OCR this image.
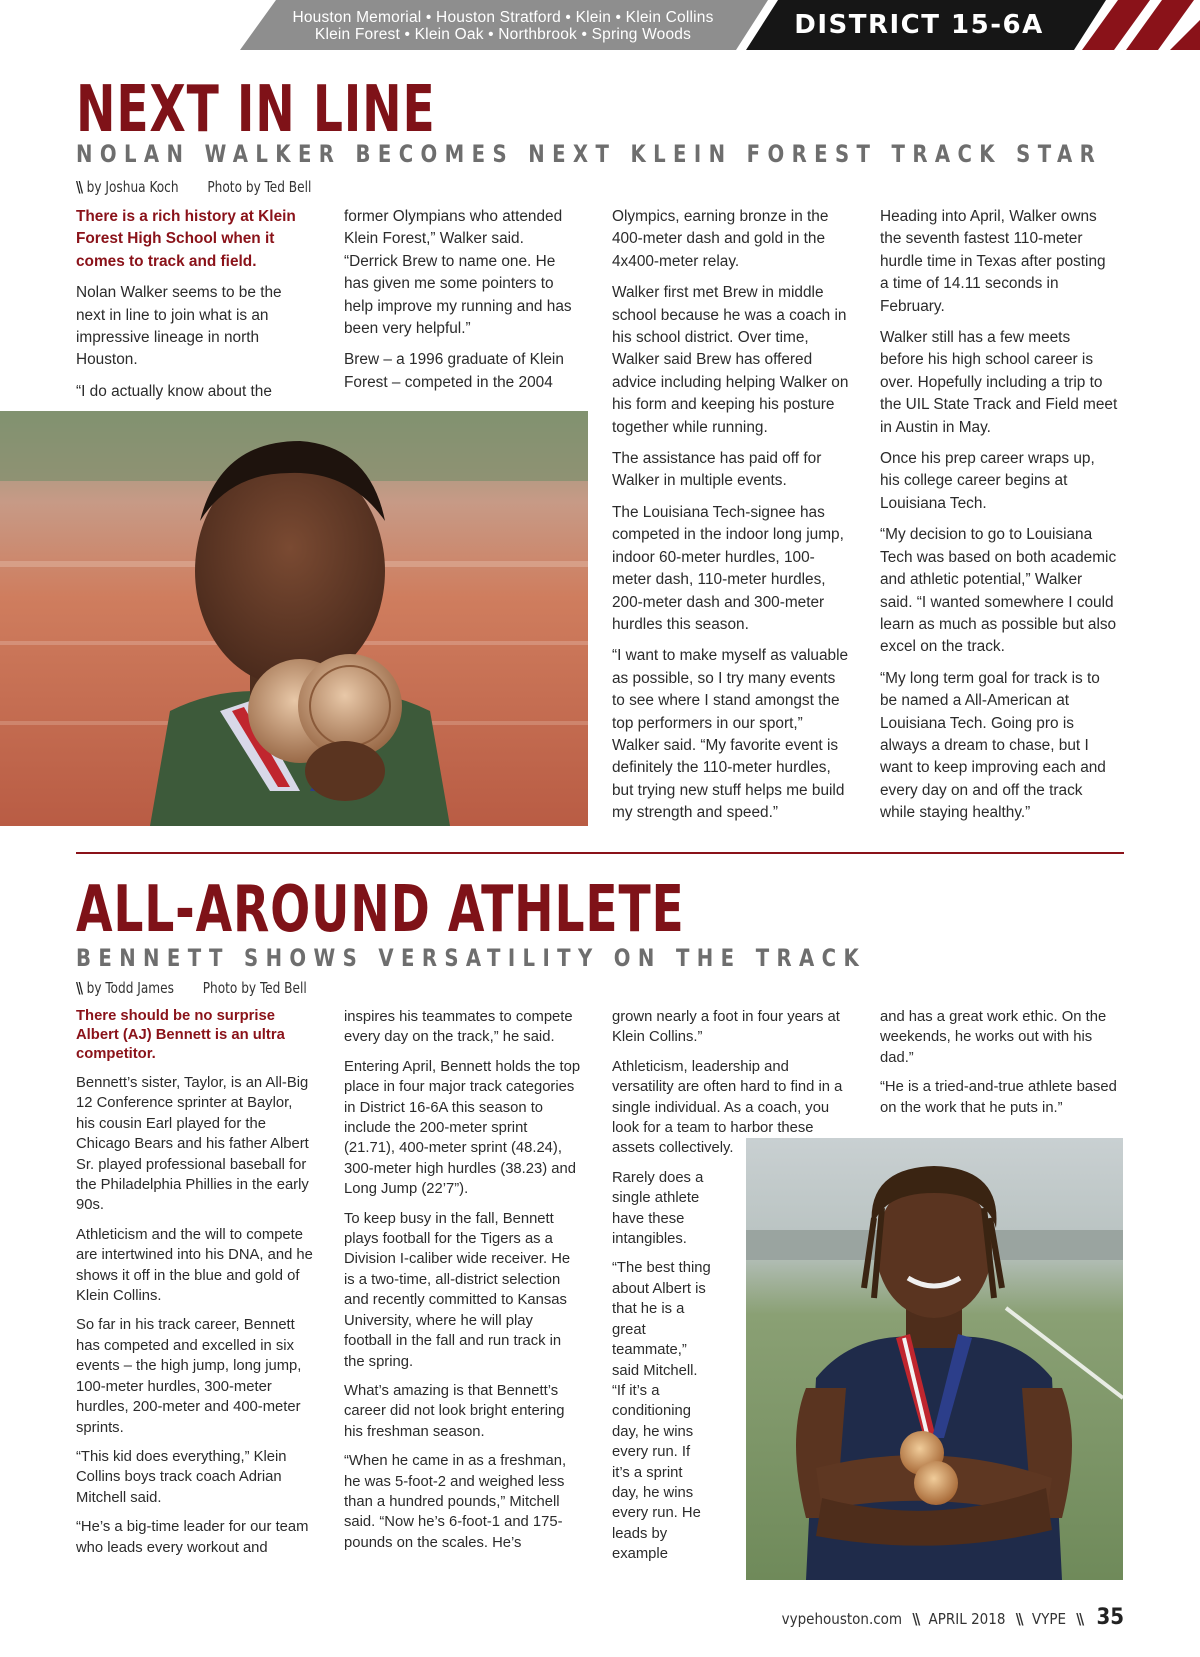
Houston Memorial • Houston Stratford • Klein • Klein Collins
Klein Forest • Klein Oak • Northbrook • Spring Woods	DISTRICT 15-6A
NEXT IN LINE
NOLAN WALKER BECOMES NEXT KLEIN FOREST TRACK STAR
\\ by Joshua Koch Photo by Ted Bell

There is a rich history at Klein Forest High School when it comes to track and field.

Nolan Walker seems to be the next in line to join what is an impressive lineage in north Houston.

“I do actually know about the

former Olympians who attended Klein Forest,” Walker said. “Derrick Brew to name one. He has given me some pointers to help improve my running and has been very helpful.”

Brew – a 1996 graduate of Klein Forest – competed in the 2004

Olympics, earning bronze in the 400-meter dash and gold in the 4x400-meter relay.

Walker first met Brew in middle school because he was a coach in his school district. Over time, Walker said Brew has offered advice including helping Walker on his form and keeping his posture together while running.

The assistance has paid off for Walker in multiple events.

The Louisiana Tech-signee has competed in the indoor long jump, indoor 60-meter hurdles, 100-meter dash, 110-meter hurdles, 200-meter dash and 300-meter hurdles this season.

“I want to make myself as valuable as possible, so I try many events to see where I stand amongst the top performers in our sport,” Walker said. “My favorite event is definitely the 110-meter hurdles, but trying new stuff helps me build my strength and speed.”

Heading into April, Walker owns the seventh fastest 110-meter hurdle time in Texas after posting a time of 14.11 seconds in February.

Walker still has a few meets before his high school career is over. Hopefully including a trip to the UIL State Track and Field meet in Austin in May.

Once his prep career wraps up, his college career begins at Louisiana Tech.

“My decision to go to Louisiana Tech was based on both academic and athletic potential,” Walker said. “I wanted somewhere I could learn as much as possible but also excel on the track.

“My long term goal for track is to be named a All-American at Louisiana Tech. Going pro is always a dream to chase, but I want to keep improving each and every day on and off the track while staying healthy.”

ALL-AROUND ATHLETE
BENNETT SHOWS VERSATILITY ON THE TRACK
\\ by Todd James Photo by Ted Bell

There should be no surprise Albert (AJ) Bennett is an ultra competitor.

Bennett’s sister, Taylor, is an All-Big 12 Conference sprinter at Baylor, his cousin Earl played for the Chicago Bears and his father Albert Sr. played professional baseball for the Philadelphia Phillies in the early 90s.

Athleticism and the will to compete are intertwined into his DNA, and he shows it off in the blue and gold of Klein Collins.

So far in his track career, Bennett has competed and excelled in six events – the high jump, long jump, 100-meter hurdles, 300-meter hurdles, 200-meter and 400-meter sprints.

“This kid does everything,” Klein Collins boys track coach Adrian Mitchell said.

“He’s a big-time leader for our team who leads every workout and

inspires his teammates to compete every day on the track,” he said.

Entering April, Bennett holds the top place in four major track categories in District 16-6A this season to include the 200-meter sprint (21.71), 400-meter sprint (48.24), 300-meter high hurdles (38.23) and Long Jump (22’7”).

To keep busy in the fall, Bennett plays football for the Tigers as a Division I-caliber wide receiver. He is a two-time, all-district selection and recently committed to Kansas University, where he will play football in the fall and run track in the spring.

What’s amazing is that Bennett’s career did not look bright entering his freshman season.

“When he came in as a freshman, he was 5-foot-2 and weighed less than a hundred pounds,” Mitchell said. “Now he’s 6-foot-1 and 175-pounds on the scales. He’s

grown nearly a foot in four years at Klein Collins.”

Athleticism, leadership and versatility are often hard to find in a single individual. As a coach, you look for a team to harbor these assets collectively.

Rarely does a single athlete have these intangibles.

“The best thing about Albert is that he is a great teammate,” said Mitchell. “If it’s a conditioning day, he wins every run. If it’s a sprint day, he wins every run. He leads by example

and has a great work ethic. On the weekends, he works out with his dad.”

“He is a tried-and-true athlete based on the work that he puts in.”

vypehouston.com \\ APRIL 2018 \\ VYPE \\ 35
